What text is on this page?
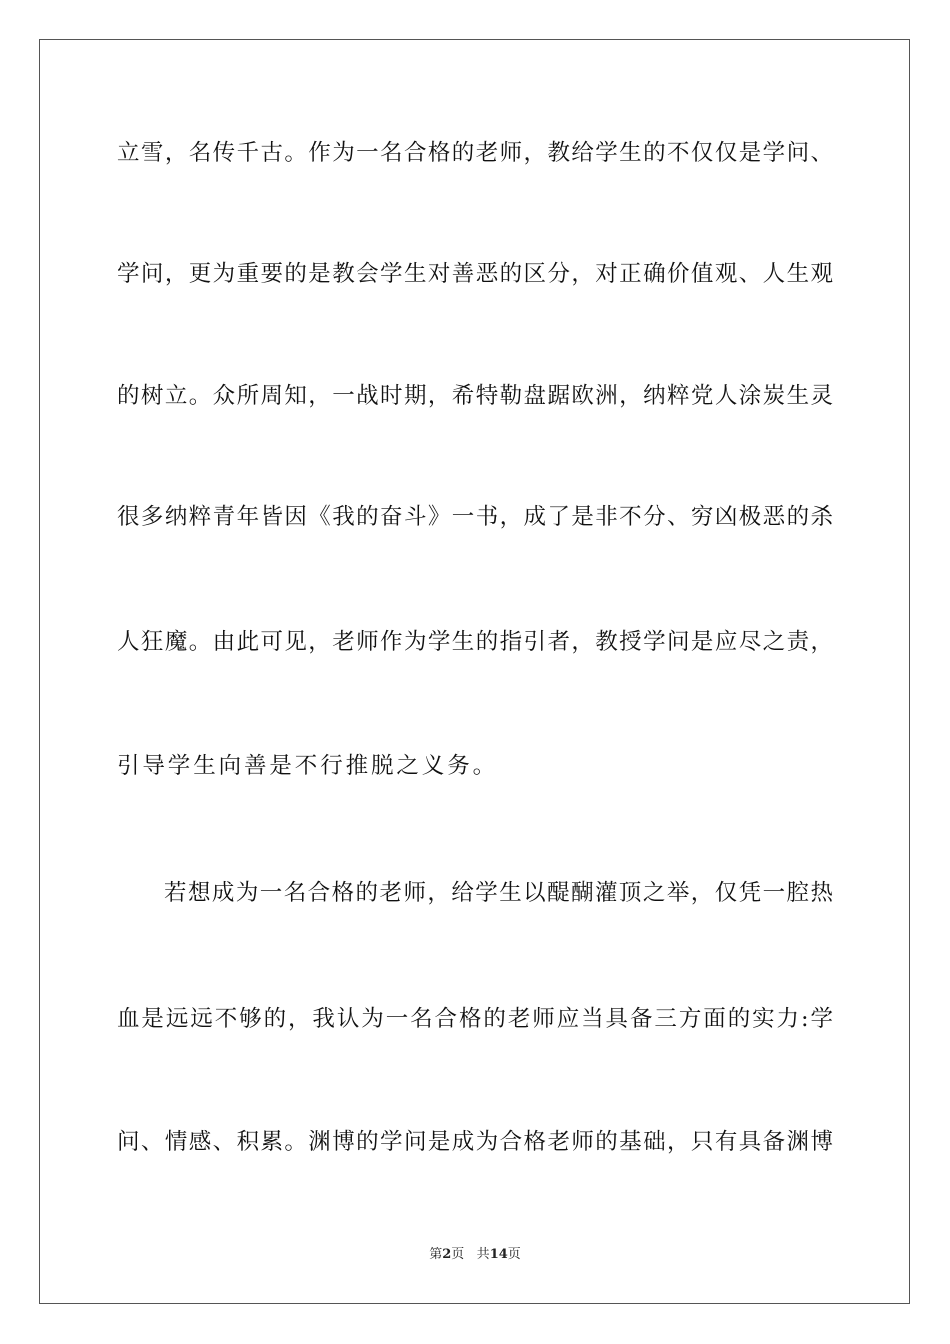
立雪，名传千古。作为一名合格的老师，教给学生的不仅仅是学问、
学问，更为重要的是教会学生对善恶的区分，对正确价值观、人生观
的树立。众所周知，一战时期，希特勒盘踞欧洲，纳粹党人涂炭生灵
很多纳粹青年皆因《我的奋斗》一书，成了是非不分、穷凶极恶的杀
人狂魔。由此可见，老师作为学生的指引者，教授学问是应尽之责，
引导学生向善是不行推脱之义务。
若想成为一名合格的老师，给学生以醍醐灌顶之举，仅凭一腔热
血是远远不够的，我认为一名合格的老师应当具备三方面的实力:学
问、情感、积累。渊博的学问是成为合格老师的基础，只有具备渊博
第2页 共14页
